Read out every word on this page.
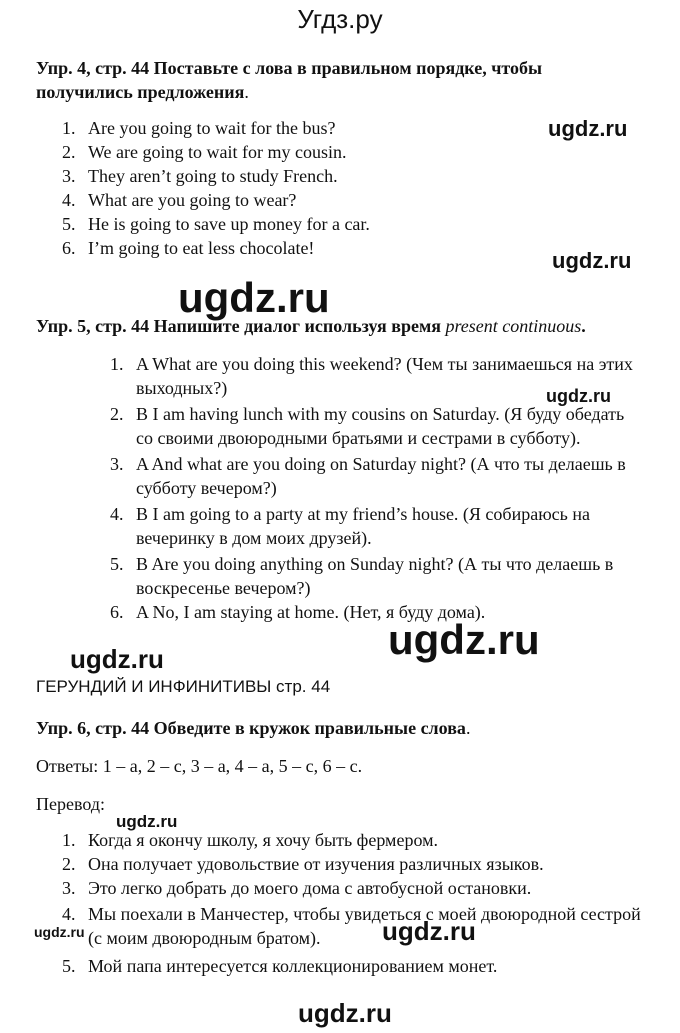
Угдз.ру
Упр. 4, стр. 44 Поставьте с лова в правильном порядке, чтобы
получились предложения.
1. Are you going to wait for the bus?
2. We are going to wait for my cousin.
3. They aren’t going to study French.
4. What are you going to wear?
5. He is going to save up money for a car.
6. I’m going to eat less chocolate!
ugdz.ru
ugdz.ru
ugdz.ru
Упр. 5, стр. 44 Напишите диалог используя время present continuous.
1. A What are you doing this weekend? (Чем ты занимаешься на этих
выходных?)	ugdz.ru
2. B I am having lunch with my cousins on Saturday. (Я буду обедать
со своими двоюродными братьями и сестрами в субботу).
3. A And what are you doing on Saturday night? (А что ты делаешь в
субботу вечером?)
4. B I am going to a party at my friend’s house. (Я собираюсь на
вечеринку в дом моих друзей).
5. B Are you doing anything on Sunday night? (А ты что делаешь в
воскресенье вечером?)
6. A No, I am staying at home. (Нет, я буду дома).
ugdz.ru
ugdz.ru
ГЕРУНДИЙ И ИНФИНИТИВЫ стр. 44
Упр. 6, стр. 44 Обведите в кружок правильные слова.
Ответы: 1 – a, 2 – c, 3 – a, 4 – a, 5 – c, 6 – c.
Перевод:
ugdz.ru
1. Когда я окончу школу, я хочу быть фермером.
2. Она получает удовольствие от изучения различных языков.
3. Это легко добрать до моего дома с автобусной остановки.
4. Мы поехали в Манчестер, чтобы увидеться с моей двоюродной сестрой
(с моим двоюродным братом).
ugdz.ru	ugdz.ru
5. Мой папа интересуется коллекционированием монет.
ugdz.ru
